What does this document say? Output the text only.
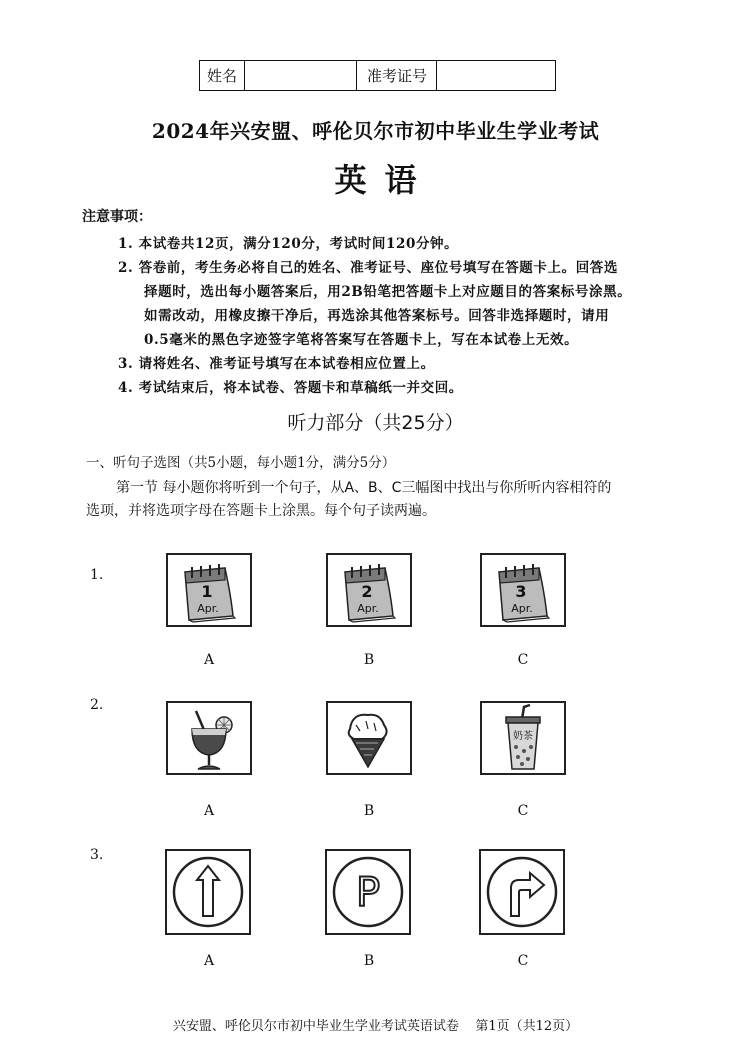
姓名	准考证号
2024年兴安盟、呼伦贝尔市初中毕业生学业考试
英语
注意事项：
1. 本试卷共12页，满分120分，考试时间120分钟。
2. 答卷前，考生务必将自己的姓名、准考证号、座位号填写在答题卡上。回答选
择题时，选出每小题答案后，用2B铅笔把答题卡上对应题目的答案标号涂黑。
如需改动，用橡皮擦干净后，再选涂其他答案标号。回答非选择题时，请用
0.5毫米的黑色字迹签字笔将答案写在答题卡上，写在本试卷上无效。
3. 请将姓名、准考证号填写在本试卷相应位置上。
4. 考试结束后，将本试卷、答题卡和草稿纸一并交回。
听力部分（共25分）
一、听句子选图（共5小题，每小题1分，满分5分）
第一节 每小题你将听到一个句子，从A、B、C三幅图中找出与你所听内容相符的
选项，并将选项字母在答题卡上涂黑。每个句子读两遍。
1.
1
Apr.
2
Apr.
3
Apr.
A	B	C
2.
奶茶
A	B	C
3.
P
A	B	C
兴安盟、呼伦贝尔市初中毕业生学业考试英语试卷    第1页（共12页）
